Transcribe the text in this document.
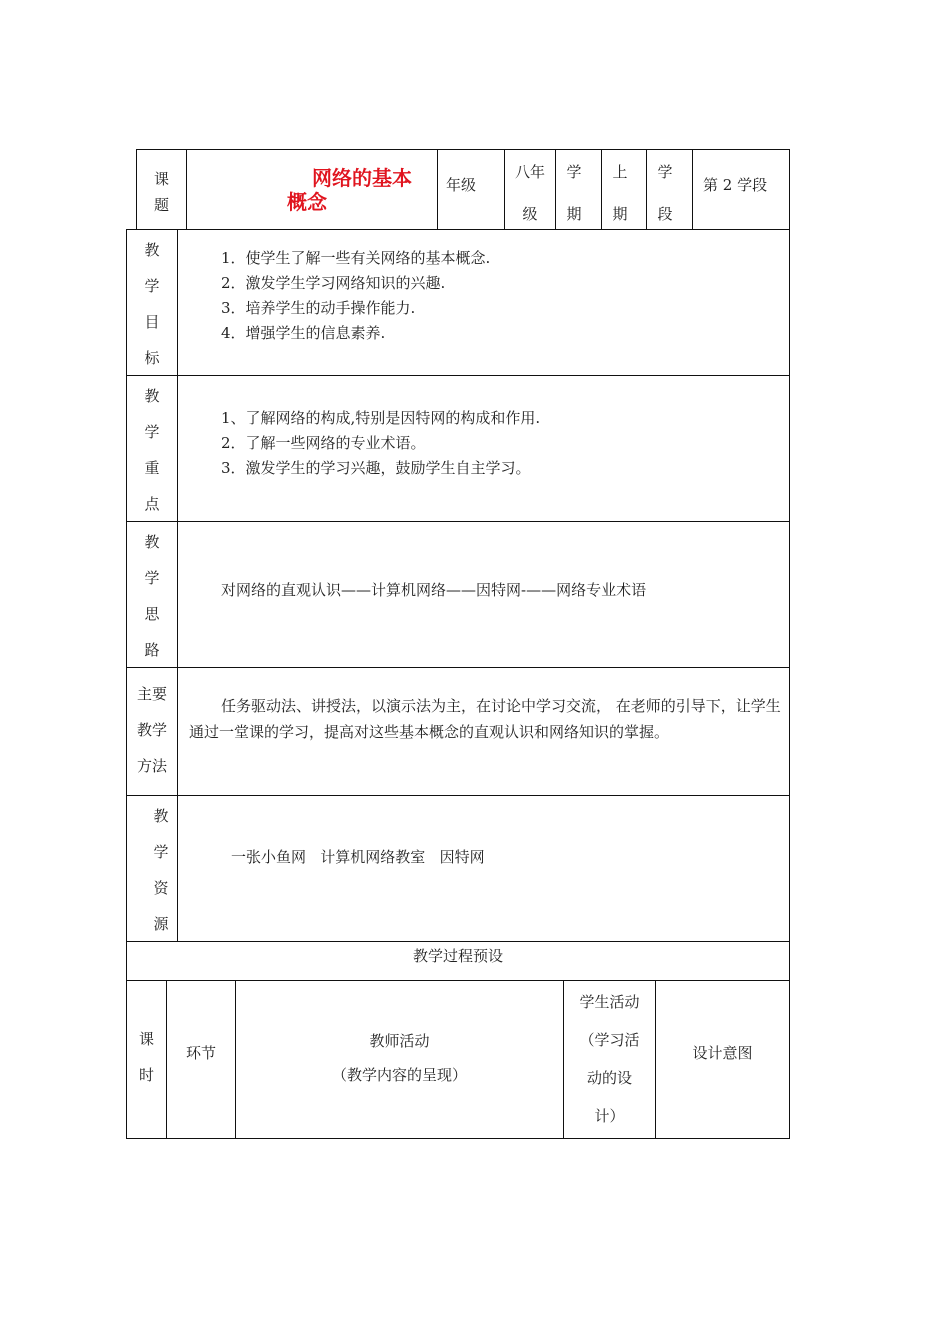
课
题
网络的基本
概念
年级
八年
级
学
期
上
期
学
段
第 2 学段
教
学
目
标
1．使学生了解一些有关网络的基本概念.
2．激发学生学习网络知识的兴趣.
3．培养学生的动手操作能力.
4．增强学生的信息素养.
教
学
重
点
1、了解网络的构成,特别是因特网的构成和作用.
2．了解一些网络的专业术语。
3．激发学生的学习兴趣，鼓励学生自主学习。
教
学
思
路
对网络的直观认识——计算机网络——因特网-——网络专业术语
主要
教学
方法
任务驱动法、讲授法，以演示法为主，在讨论中学习交流， 在老师的引导下，让学生通过一堂课的学习，提高对这些基本概念的直观认识和网络知识的掌握。
教
学
资
源
一张小鱼网   计算机网络教室   因特网
教学过程预设
课
时
环节
教师活动
（教学内容的呈现）
学生活动
（学习活
动的设
计）
设计意图
